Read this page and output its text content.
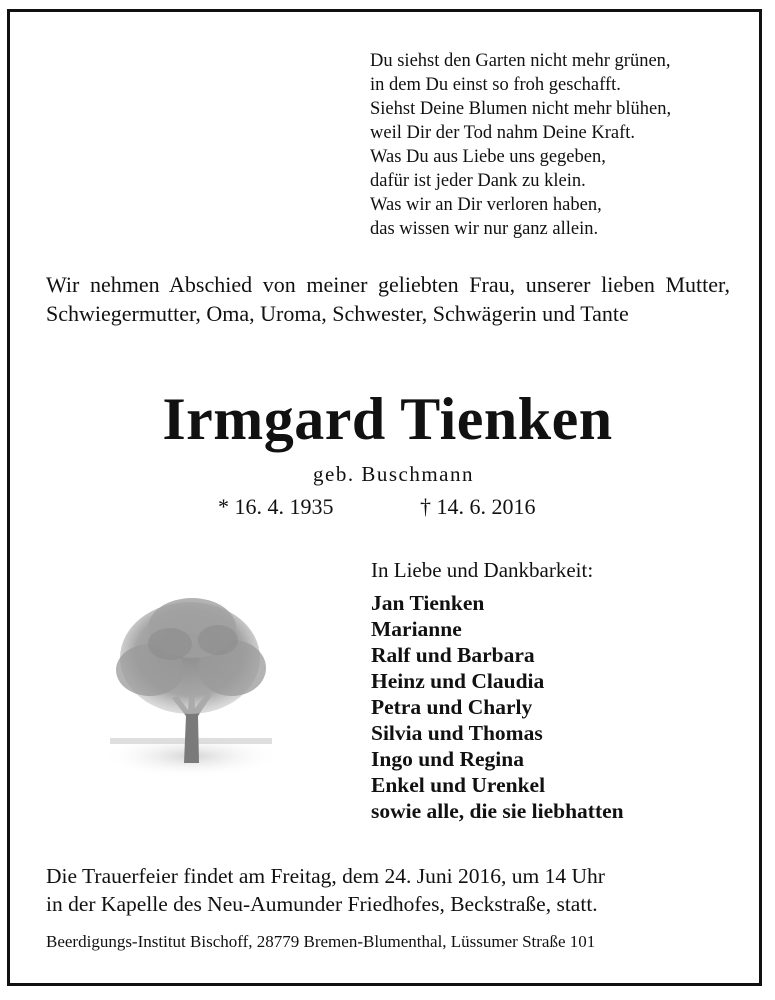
Du siehst den Garten nicht mehr grünen,
in dem Du einst so froh geschafft.
Siehst Deine Blumen nicht mehr blühen,
weil Dir der Tod nahm Deine Kraft.
Was Du aus Liebe uns gegeben,
dafür ist jeder Dank zu klein.
Was wir an Dir verloren haben,
das wissen wir nur ganz allein.
Wir nehmen Abschied von meiner geliebten Frau, unserer lieben Mutter, Schwiegermutter, Oma, Uroma, Schwester, Schwägerin und Tante
Irmgard Tienken
geb. Buschmann
* 16. 4. 1935	† 14. 6. 2016
In Liebe und Dankbarkeit:
Jan Tienken
Marianne
Ralf und Barbara
Heinz und Claudia
Petra und Charly
Silvia und Thomas
Ingo und Regina
Enkel und Urenkel
sowie alle, die sie liebhatten
Die Trauerfeier findet am Freitag, dem 24. Juni 2016, um 14 Uhr
in der Kapelle des Neu-Aumunder Friedhofes, Beckstraße, statt.
Beerdigungs-Institut Bischoff, 28779 Bremen-Blumenthal, Lüssumer Straße 101
